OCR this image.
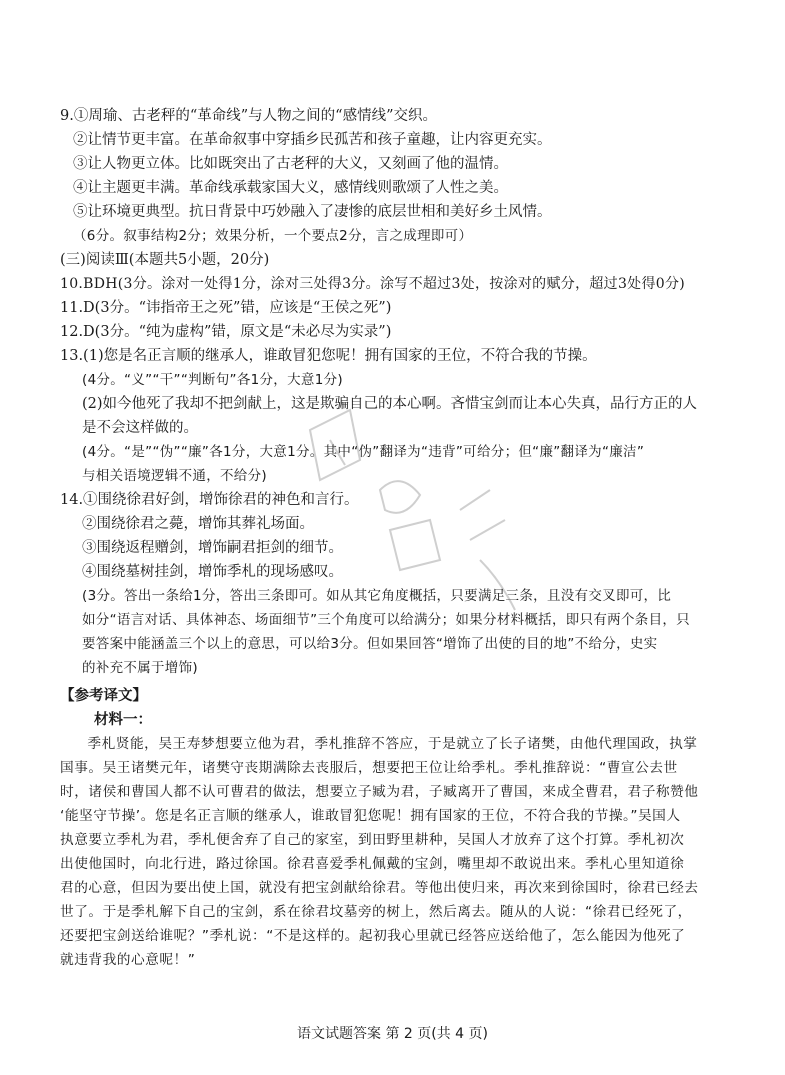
9.①周瑜、古老秤的“革命线”与人物之间的“感情线”交织。
②让情节更丰富。在革命叙事中穿插乡民孤苦和孩子童趣，让内容更充实。
③让人物更立体。比如既突出了古老秤的大义，又刻画了他的温情。
④让主题更丰满。革命线承载家国大义，感情线则歌颂了人性之美。
⑤让环境更典型。抗日背景中巧妙融入了凄惨的底层世相和美好乡土风情。
（6分。叙事结构2分；效果分析，一个要点2分，言之成理即可）
(三)阅读Ⅲ(本题共5小题，20分)
10.BDH(3分。涂对一处得1分，涂对三处得3分。涂写不超过3处，按涂对的赋分，超过3处得0分)
11.D(3分。“讳指帝王之死”错，应该是“王侯之死”)
12.D(3分。“纯为虚构”错，原文是“未必尽为实录”)
13.(1)您是名正言顺的继承人，谁敢冒犯您呢！拥有国家的王位，不符合我的节操。
(4分。“义”“干”“判断句”各1分，大意1分)
(2)如今他死了我却不把剑献上，这是欺骗自己的本心啊。吝惜宝剑而让本心失真，品行方正的人
是不会这样做的。
(4分。“是”“伪”“廉”各1分，大意1分。其中“伪”翻译为“违背”可给分；但“廉”翻译为“廉洁”
与相关语境逻辑不通，不给分)
14.①围绕徐君好剑，增饰徐君的神色和言行。
②围绕徐君之薨，增饰其葬礼场面。
③围绕返程赠剑，增饰嗣君拒剑的细节。
④围绕墓树挂剑，增饰季札的现场感叹。
(3分。答出一条给1分，答出三条即可。如从其它角度概括，只要满足三条，且没有交叉即可，比
如分“语言对话、具体神态、场面细节”三个角度可以给满分；如果分材料概括，即只有两个条目，只
要答案中能涵盖三个以上的意思，可以给3分。但如果回答“增饰了出使的目的地”不给分，史实
的补充不属于增饰)
【参考译文】
材料一：
季札贤能，吴王寿梦想要立他为君，季札推辞不答应，于是就立了长子诸樊，由他代理国政，执掌
国事。吴王诸樊元年，诸樊守丧期满除去丧服后，想要把王位让给季札。季札推辞说：“曹宣公去世
时，诸侯和曹国人都不认可曹君的做法，想要立子臧为君，子臧离开了曹国，来成全曹君，君子称赞他
‘能坚守节操’。您是名正言顺的继承人，谁敢冒犯您呢！拥有国家的王位，不符合我的节操。”吴国人
执意要立季札为君，季札便舍弃了自己的家室，到田野里耕种，吴国人才放弃了这个打算。季札初次
出使他国时，向北行进，路过徐国。徐君喜爱季札佩戴的宝剑，嘴里却不敢说出来。季札心里知道徐
君的心意，但因为要出使上国，就没有把宝剑献给徐君。等他出使归来，再次来到徐国时，徐君已经去
世了。于是季札解下自己的宝剑，系在徐君坟墓旁的树上，然后离去。随从的人说：“徐君已经死了，
还要把宝剑送给谁呢？”季札说：“不是这样的。起初我心里就已经答应送给他了，怎么能因为他死了
就违背我的心意呢！”
语文试题答案 第 2 页(共 4 页)
